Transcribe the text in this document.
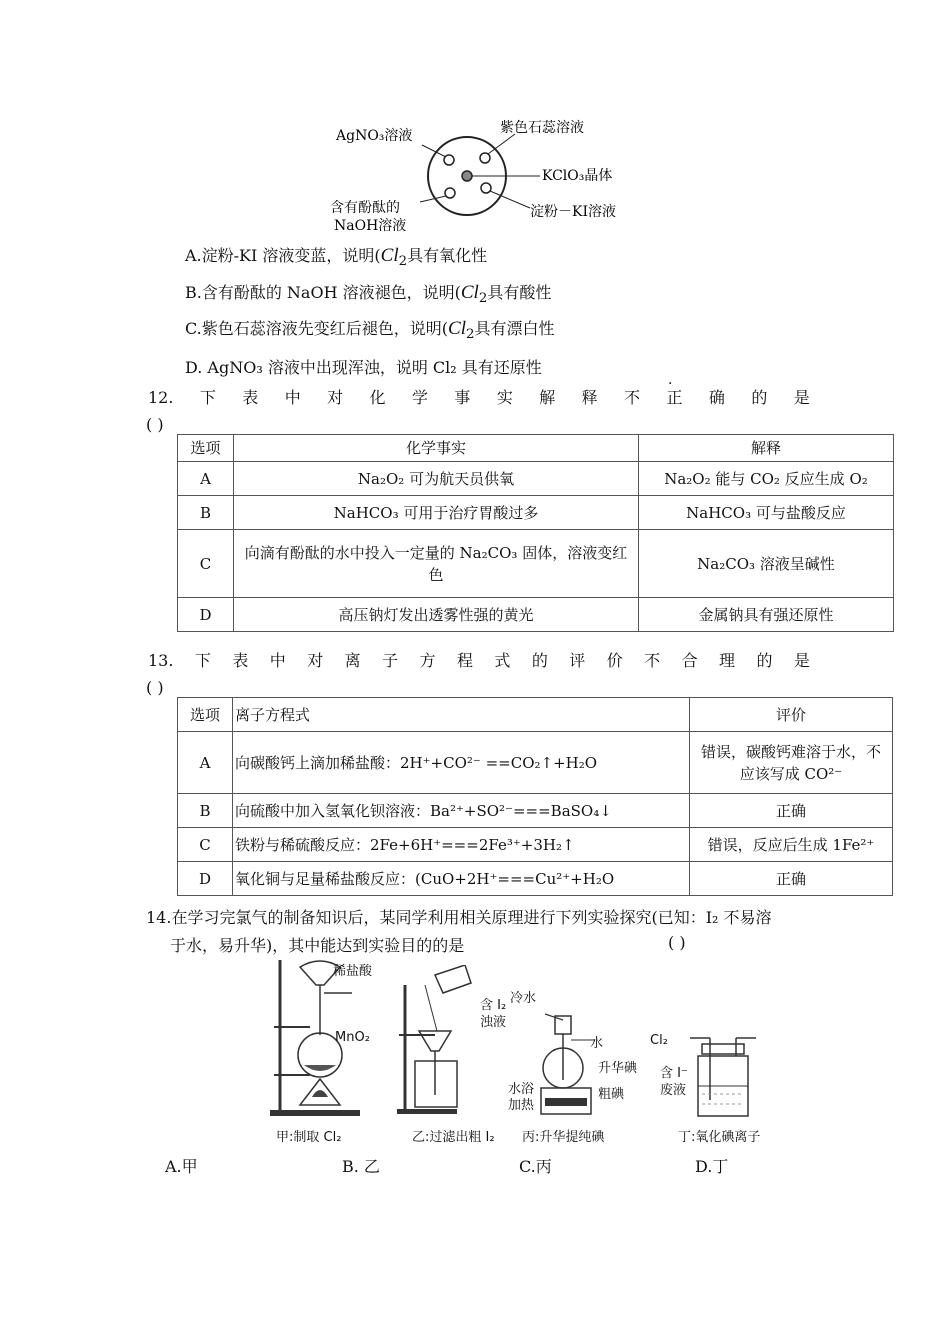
AgNO₃溶液	紫色石蕊溶液
KClO₃晶体
含有酚酞的
NaOH溶液
淀粉－KI溶液
A.淀粉-KI 溶液变蓝，说明($Cl_2$具有氧化性
B.含有酚酞的 NaOH 溶液褪色，说明($Cl_2$具有酸性
C.紫色石蕊溶液先变红后褪色，说明($Cl_2$具有漂白性
D. AgNO₃ 溶液中出现浑浊，说明 Cl₂ 具有还原性
12. 下 表 中 对 化 学 事 实 解 释 不 正 确 的 是
·
( )
选项	化学事实	解释
A	Na₂O₂ 可为航天员供氧	Na₂O₂ 能与 CO₂ 反应生成 O₂
B	NaHCO₃ 可用于治疗胃酸过多	NaHCO₃ 可与盐酸反应
C	向滴有酚酞的水中投入一定量的 Na₂CO₃ 固体，溶液变红色	Na₂CO₃ 溶液呈碱性
D	高压钠灯发出透雾性强的黄光	金属钠具有强还原性
13. 下 表 中 对 离 子 方 程 式 的 评 价 不 合 理 的 是
( )
选项	离子方程式	评价
A	向碳酸钙上滴加稀盐酸：2H⁺+CO²⁻ ==CO₂↑+H₂O	错误，碳酸钙难溶于水，不应该写成 CO²⁻
B	向硫酸中加入氢氧化钡溶液：Ba²⁺+SO²⁻===BaSO₄↓	正确
C	铁粉与稀硫酸反应：2Fe+6H⁺===2Fe³⁺+3H₂↑	错误，反应后生成 1Fe²⁺
D	氧化铜与足量稀盐酸反应：(CuO+2H⁺===Cu²⁺+H₂O	正确
14.在学习完氯气的制备知识后，某同学利用相关原理进行下列实验探究(已知：I₂ 不易溶
于水，易升华)，其中能达到实验目的的是	( )
稀盐酸
MnO₂
甲:制取 Cl₂
含 I₂
浊液
乙:过滤出粗 I₂
冷水
水
升华碘
水浴
加热
粗碘
丙:升华提纯碘
Cl₂
含 I⁻
废液
丁:氧化碘离子
A.甲	B. 乙	C.丙	D.丁
